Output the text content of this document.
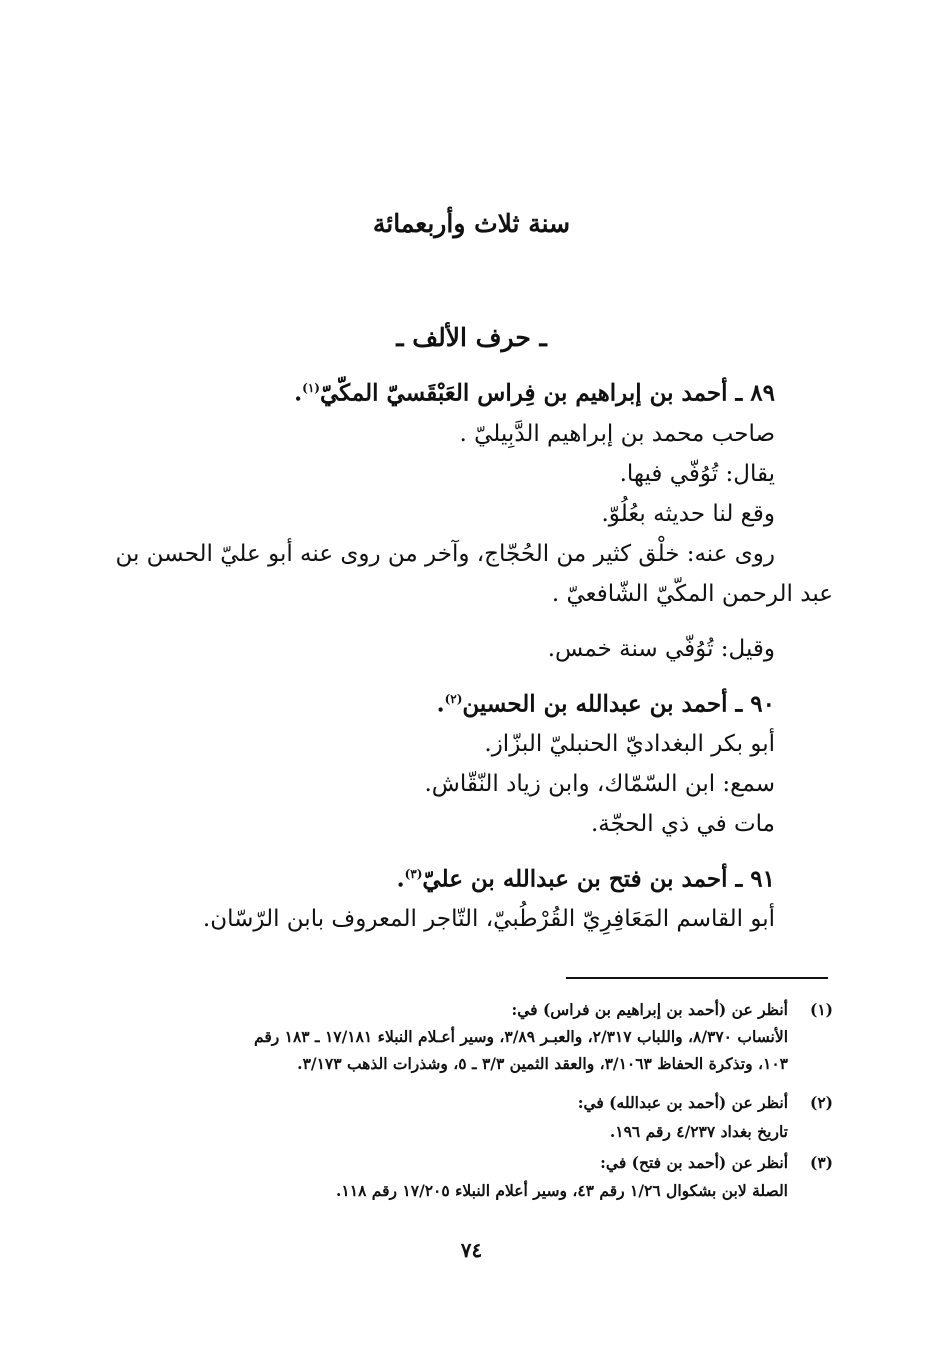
سنة ثلاث وأربعمائة
ـ حرف الألف ـ
٨٩ ـ أحمد بن إبراهيم بن فِراس العَبْقَسيّ المكّيّ$^{(١)}$.
صاحب محمد بن إبراهيم الدَّبِيليّ .
يقال: تُوُفّي فيها.
وقع لنا حديثه بعُلُوّ.
روى عنه: خلْق كثير من الحُجّاج، وآخر من روى عنه أبو عليّ الحسن بن
عبد الرحمن المكّيّ الشّافعيّ .
وقيل: تُوُفّي سنة خمس.
٩٠ ـ أحمد بن عبدالله بن الحسين$^{(٢)}$.
أبو بكر البغداديّ الحنبليّ البزّاز.
سمع: ابن السّمّاك، وابن زياد النّقّاش.
مات في ذي الحجّة.
٩١ ـ أحمد بن فتح بن عبدالله بن عليّ$^{(٣)}$.
أبو القاسم المَعَافِرِيّ القُرْطُبيّ، التّاجر المعروف بابن الرّسّان.
(١)
أنظر عن (أحمد بن إبراهيم بن فراس) في:
الأنساب ٨/٣٧٠، واللباب ٢/٣١٧، والعبـر ٣/٨٩، وسير أعـلام النبلاء ١٧/١٨١ ـ ١٨٣ رقم
١٠٣، وتذكرة الحفاظ ٣/١٠٦٣، والعقد الثمين ٣/٣ ـ ٥، وشذرات الذهب ٣/١٧٣.
(٢)
أنظر عن (أحمد بن عبدالله) في:
تاريخ بغداد ٤/٢٣٧ رقم ١٩٦.
(٣)
أنظر عن (أحمد بن فتح) في:
الصلة لابن بشكوال ١/٢٦ رقم ٤٣، وسير أعلام النبلاء ١٧/٢٠٥ رقم ١١٨.
٧٤
